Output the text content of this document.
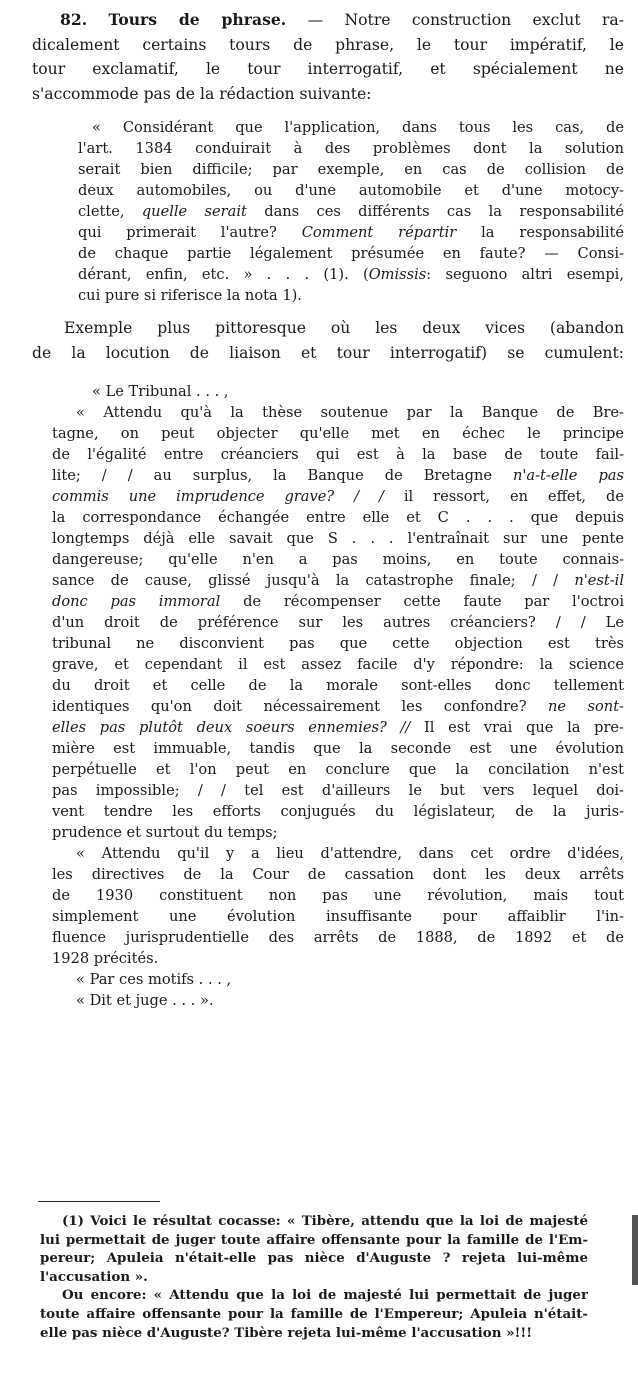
82. Tours de phrase. — Notre construction exclut ra-
dicalement certains tours de phrase, le tour impératif, le
tour exclamatif, le tour interrogatif, et spécialement ne
s'accommode pas de la rédaction suivante:
« Considérant que l'application, dans tous les cas, de
l'art. 1384 conduirait à des problèmes dont la solution
serait bien difficile; par exemple, en cas de collision de
deux automobiles, ou d'une automobile et d'une motocy-
clette, quelle serait dans ces différents cas la responsabilité
qui primerait l'autre? Comment répartir la responsabilité
de chaque partie légalement présumée en faute? — Consi-
dérant, enfin, etc. » . . . (1). (Omissis: seguono altri esempi,
cui pure si riferisce la nota 1).
Exemple plus pittoresque où les deux vices (abandon
de la locution de liaison et tour interrogatif) se cumulent:
« Le Tribunal . . . ,
« Attendu qu'à la thèse soutenue par la Banque de Bre-
tagne, on peut objecter qu'elle met en échec le principe
de l'égalité entre créanciers qui est à la base de toute fail-
lite; / / au surplus, la Banque de Bretagne n'a-t-elle pas
commis une imprudence grave? / / il ressort, en effet, de
la correspondance échangée entre elle et C . . . que depuis
longtemps déjà elle savait que S . . . l'entraînait sur une pente
dangereuse; qu'elle n'en a pas moins, en toute connais-
sance de cause, glissé jusqu'à la catastrophe finale; / / n'est-il
donc pas immoral de récompenser cette faute par l'octroi
d'un droit de préférence sur les autres créanciers? / / Le
tribunal ne disconvient pas que cette objection est très
grave, et cependant il est assez facile d'y répondre: la science
du droit et celle de la morale sont-elles donc tellement
identiques qu'on doit nécessairement les confondre? ne sont-
elles pas plutôt deux soeurs ennemies? // Il est vrai que la pre-
mière est immuable, tandis que la seconde est une évolution
perpétuelle et l'on peut en conclure que la concilation n'est
pas impossible; / / tel est d'ailleurs le but vers lequel doi-
vent tendre les efforts conjugués du législateur, de la juris-
prudence et surtout du temps;
« Attendu qu'il y a lieu d'attendre, dans cet ordre d'idées,
les directives de la Cour de cassation dont les deux arrêts
de 1930 constituent non pas une révolution, mais tout
simplement une évolution insuffisante pour affaiblir l'in-
fluence jurisprudentielle des arrêts de 1888, de 1892 et de
1928 précités.
« Par ces motifs . . . ,
« Dit et juge . . . ».
(1) Voici le résultat cocasse: « Tibère, attendu que la loi de majesté
lui permettait de juger toute affaire offensante pour la famille de l'Em-
pereur; Apuleia n'était-elle pas nièce d'Auguste ? rejeta lui-même
l'accusation ».
Ou encore: « Attendu que la loi de majesté lui permettait de juger
toute affaire offensante pour la famille de l'Empereur; Apuleia n'était-
elle pas nièce d'Auguste? Tibère rejeta lui-même l'accusation »!!!
